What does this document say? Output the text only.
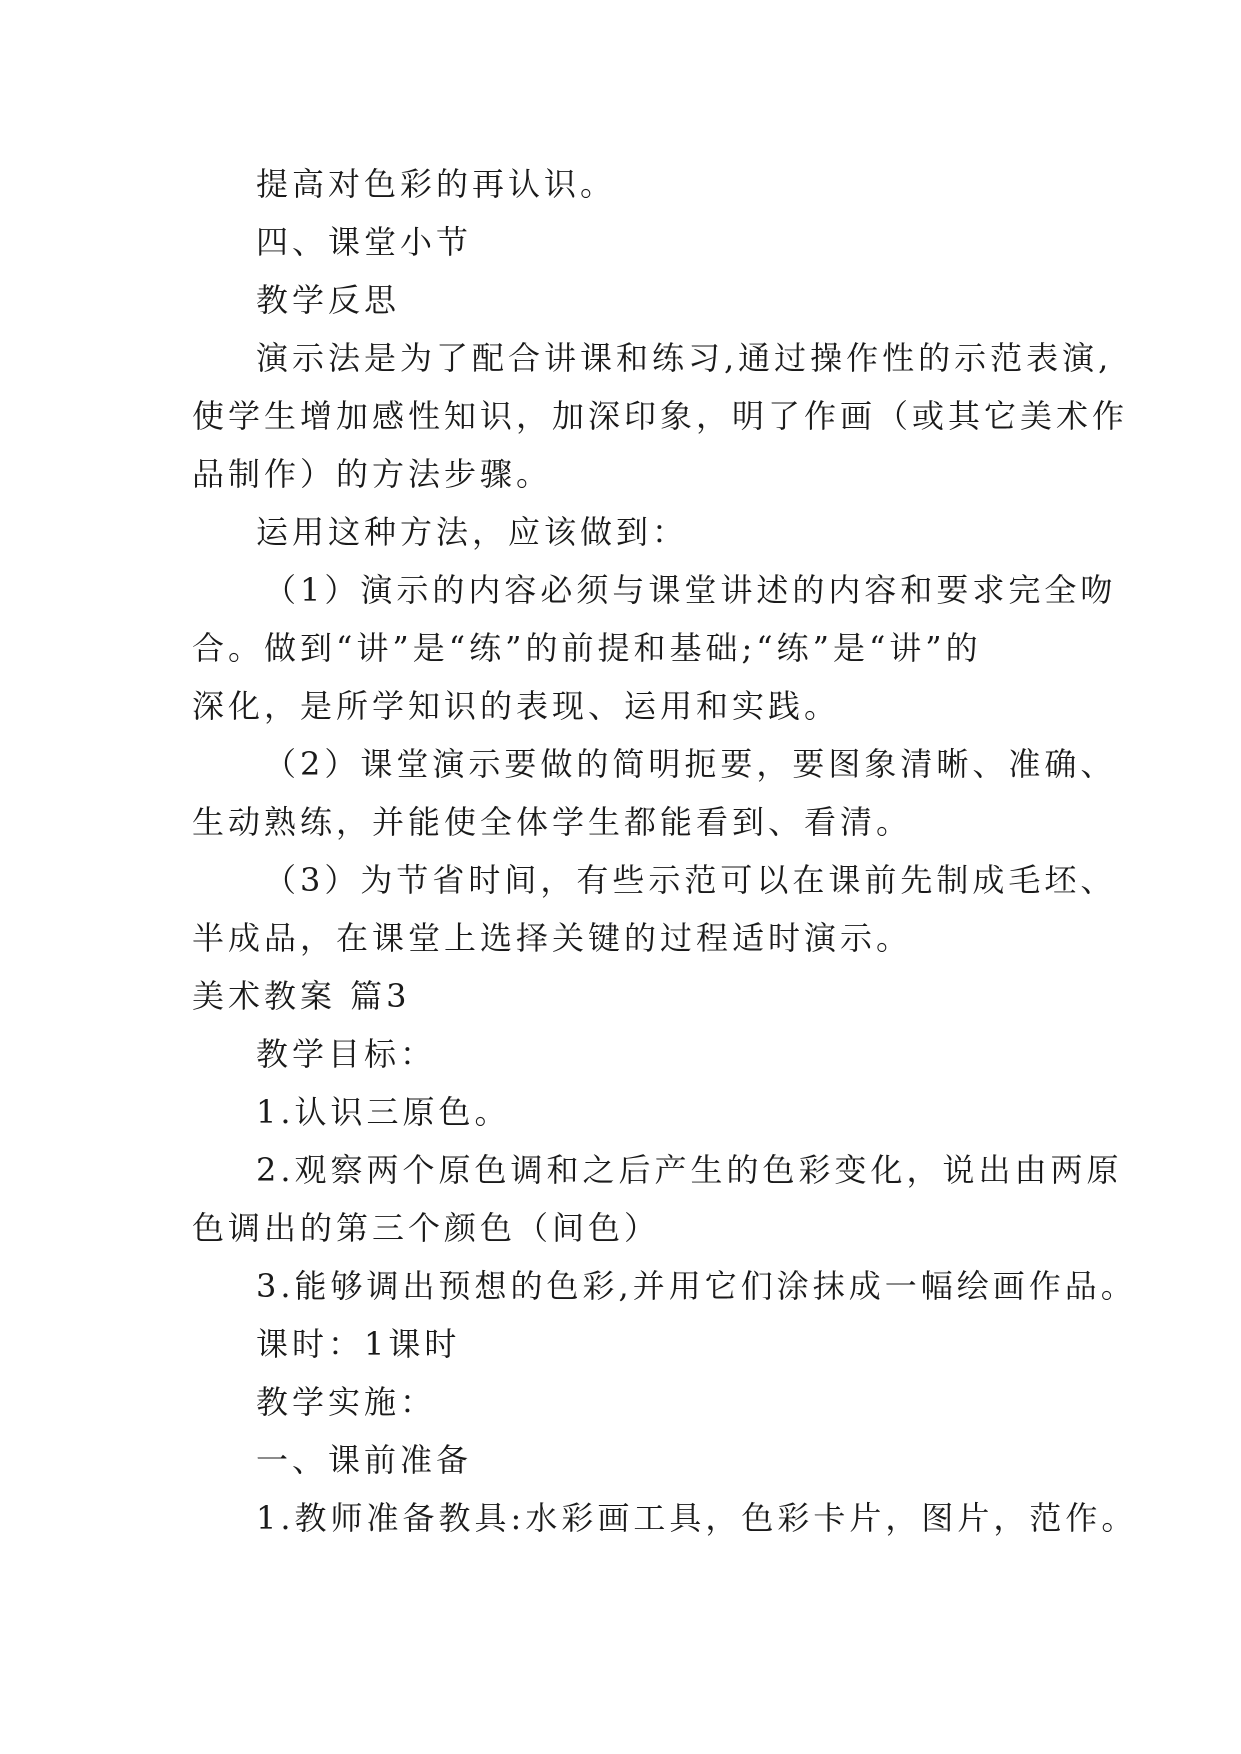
提高对色彩的再认识。
四、课堂小节
教学反思
演示法是为了配合讲课和练习,通过操作性的示范表演,
使学生增加感性知识，加深印象，明了作画（或其它美术作
品制作）的方法步骤。
运用这种方法，应该做到：
（1）演示的内容必须与课堂讲述的内容和要求完全吻
合。做到“讲”是“练”的前提和基础;“练”是“讲”的
深化，是所学知识的表现、运用和实践。
（2）课堂演示要做的简明扼要，要图象清晰、准确、
生动熟练，并能使全体学生都能看到、看清。
（3）为节省时间，有些示范可以在课前先制成毛坯、
半成品，在课堂上选择关键的过程适时演示。
美术教案 篇3
教学目标：
1.认识三原色。
2.观察两个原色调和之后产生的色彩变化，说出由两原
色调出的第三个颜色（间色）
3.能够调出预想的色彩,并用它们涂抹成一幅绘画作品。
课时：1课时
教学实施：
一、课前准备
1.教师准备教具:水彩画工具，色彩卡片，图片，范作。
